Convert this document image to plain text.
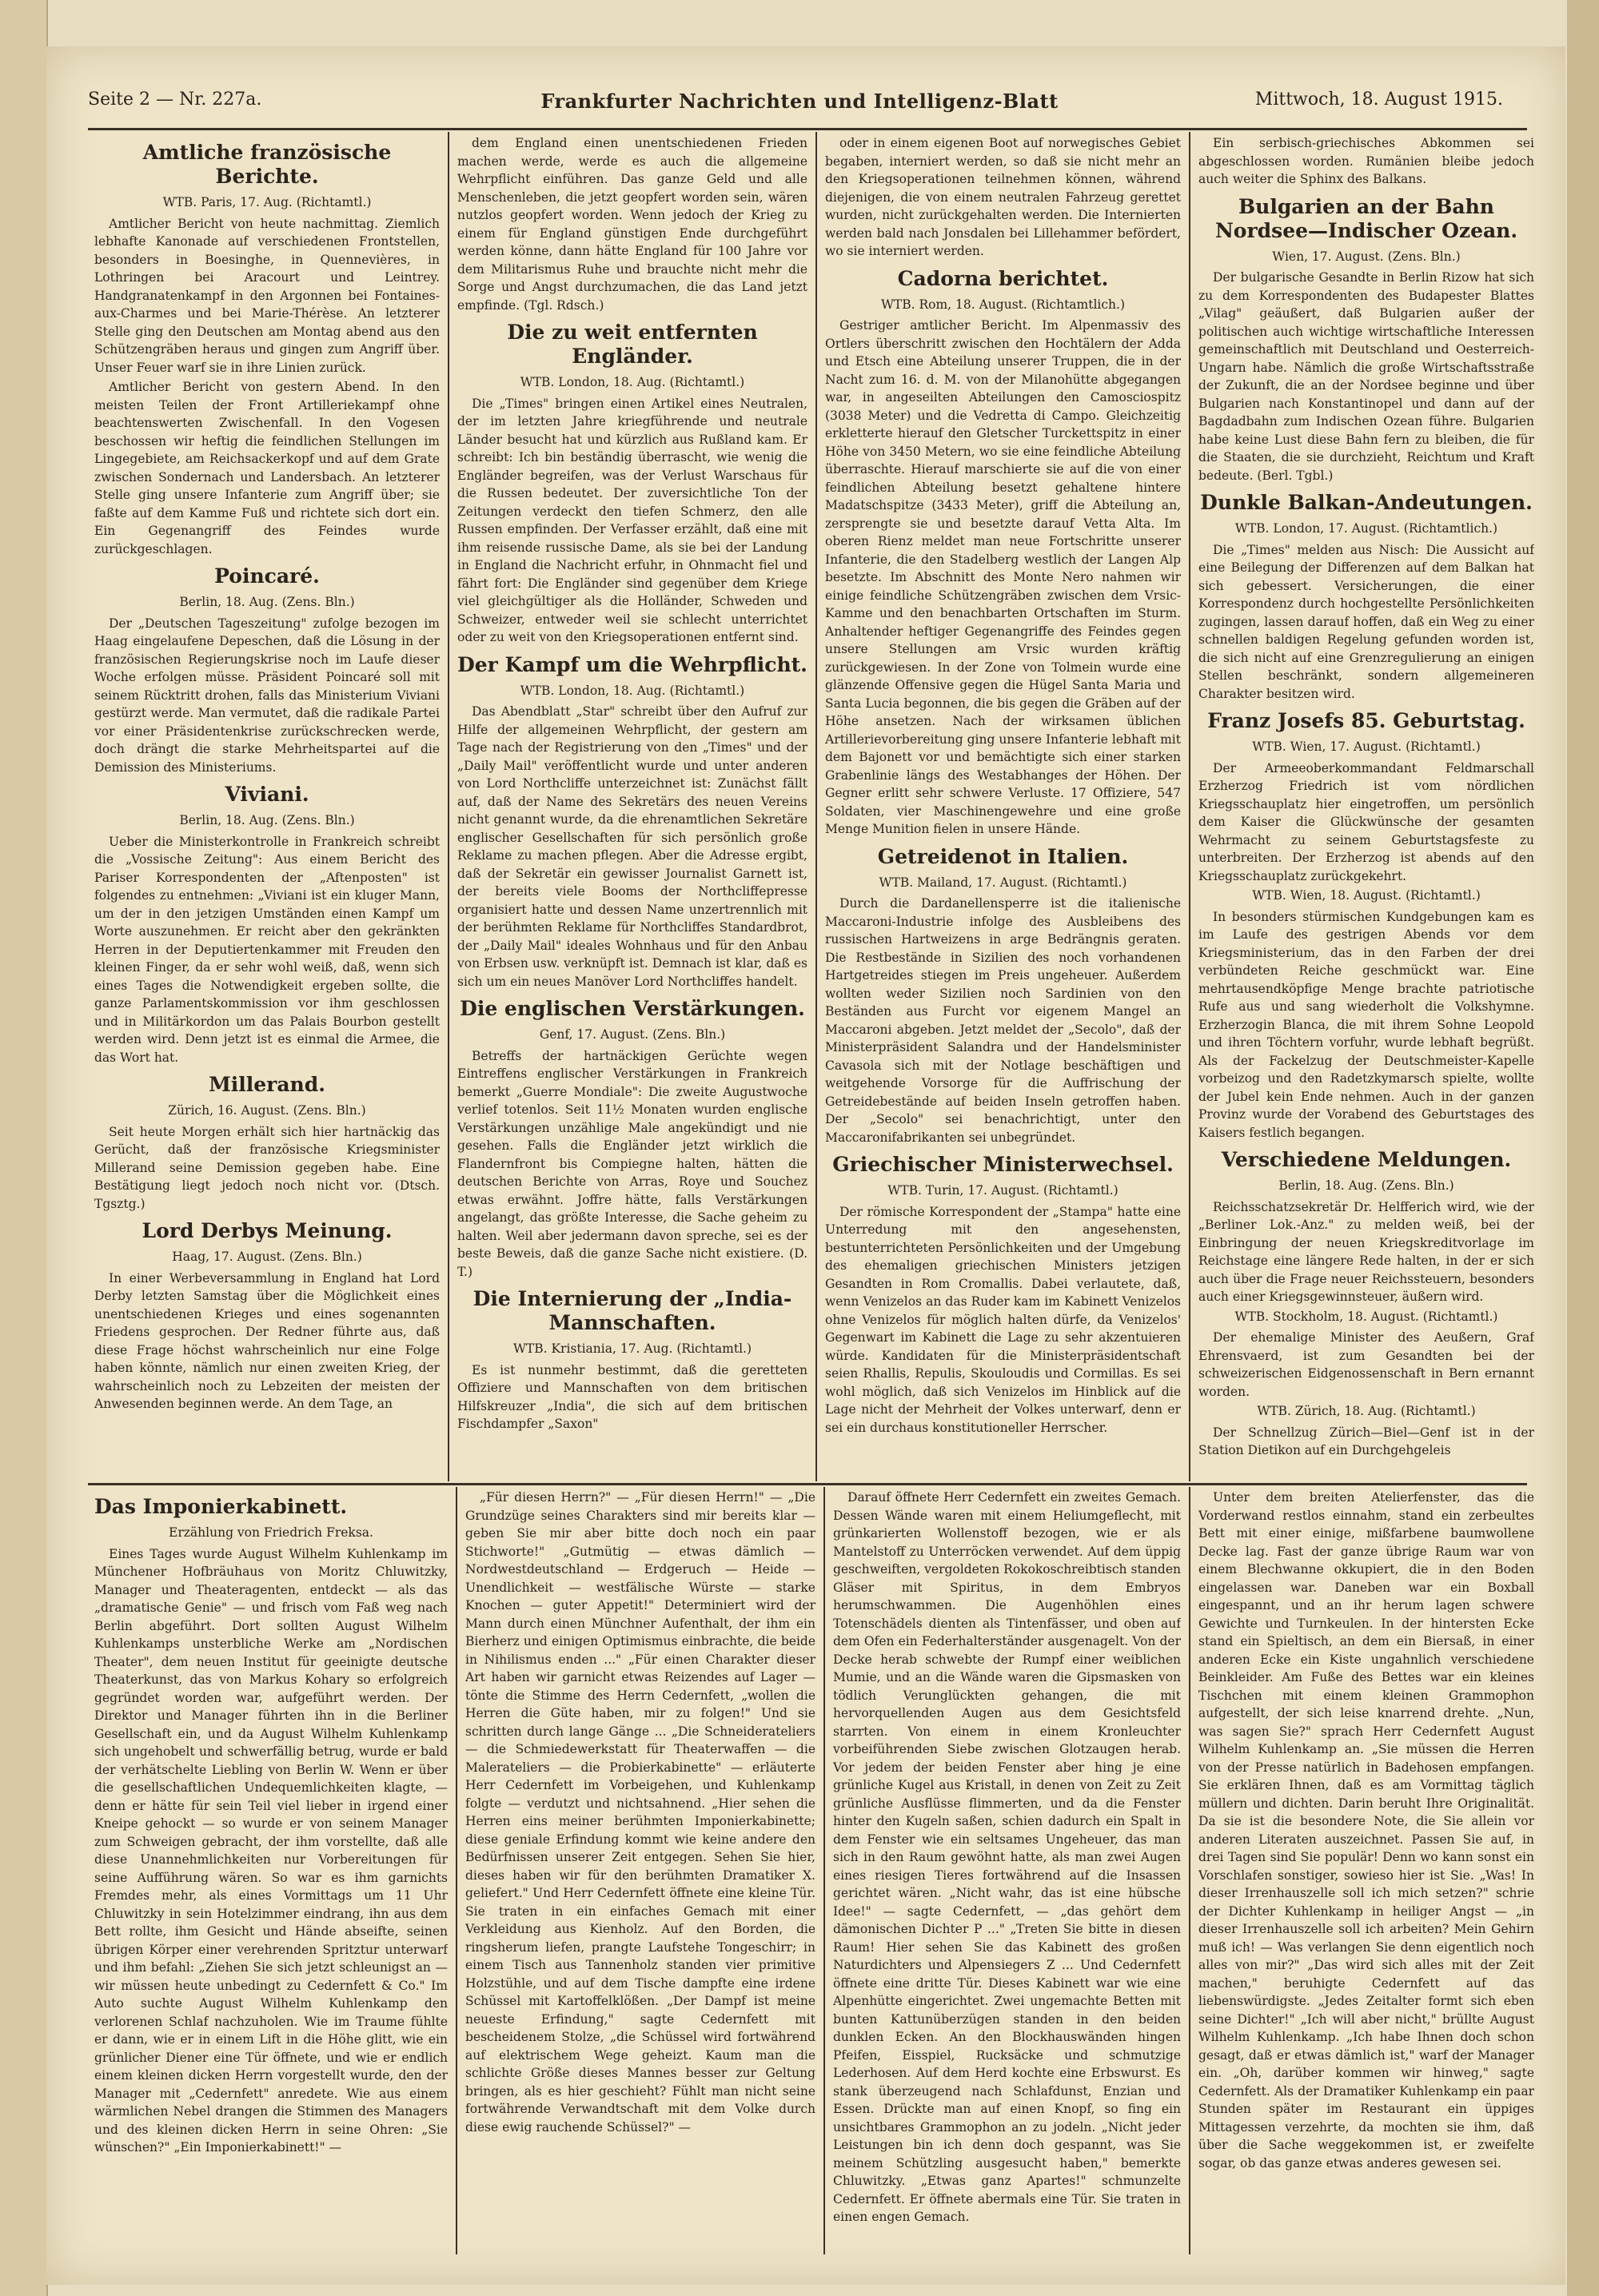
Seite 2 — Nr. 227a.	Frankfurter Nachrichten und Intelligenz-Blatt	Mittwoch, 18. August 1915.
Amtliche französische Berichte.
WTB. Paris, 17. Aug. (Richtamtl.)

Amtlicher Bericht von heute nachmittag. Ziemlich lebhafte Kanonade auf verschiedenen Frontstellen, besonders in Boesinghe, in Quennevières, in Lothringen bei Aracourt und Leintrey. Handgranatenkampf in den Argonnen bei Fontaines-aux-Charmes und bei Marie-Thérèse. An letzterer Stelle ging den Deutschen am Montag abend aus den Schützengräben heraus und gingen zum Angriff über. Unser Feuer warf sie in ihre Linien zurück.

Amtlicher Bericht von gestern Abend. In den meisten Teilen der Front Artilleriekampf ohne beachtenswerten Zwischenfall. In den Vogesen beschossen wir heftig die feindlichen Stellungen im Lingegebiete, am Reichsackerkopf und auf dem Grate zwischen Sondernach und Landersbach. An letzterer Stelle ging unsere Infanterie zum Angriff über; sie faßte auf dem Kamme Fuß und richtete sich dort ein. Ein Gegenangriff des Feindes wurde zurückgeschlagen.

Poincaré.
Berlin, 18. Aug. (Zens. Bln.)

Der „Deutschen Tageszeitung" zufolge bezogen im Haag eingelaufene Depeschen, daß die Lösung in der französischen Regierungskrise noch im Laufe dieser Woche erfolgen müsse. Präsident Poincaré soll mit seinem Rücktritt drohen, falls das Ministerium Viviani gestürzt werde. Man vermutet, daß die radikale Partei vor einer Präsidentenkrise zurückschrecken werde, doch drängt die starke Mehrheitspartei auf die Demission des Ministeriums.

Viviani.
Berlin, 18. Aug. (Zens. Bln.)

Ueber die Ministerkontrolle in Frankreich schreibt die „Vossische Zeitung": Aus einem Bericht des Pariser Korrespondenten der „Aftenposten" ist folgendes zu entnehmen: „Viviani ist ein kluger Mann, um der in den jetzigen Umständen einen Kampf um Worte auszunehmen. Er reicht aber den gekränkten Herren in der Deputiertenkammer mit Freuden den kleinen Finger, da er sehr wohl weiß, daß, wenn sich eines Tages die Notwendigkeit ergeben sollte, die ganze Parlamentskommission vor ihm geschlossen und in Militärkordon um das Palais Bourbon gestellt werden wird. Denn jetzt ist es einmal die Armee, die das Wort hat.

Millerand.
Zürich, 16. August. (Zens. Bln.)

Seit heute Morgen erhält sich hier hartnäckig das Gerücht, daß der französische Kriegsminister Millerand seine Demission gegeben habe. Eine Bestätigung liegt jedoch noch nicht vor. (Dtsch. Tgsztg.)

Lord Derbys Meinung.
Haag, 17. August. (Zens. Bln.)

In einer Werbeversammlung in England hat Lord Derby letzten Samstag über die Möglichkeit eines unentschiedenen Krieges und eines sogenannten Friedens gesprochen. Der Redner führte aus, daß diese Frage höchst wahrscheinlich nur eine Folge haben könnte, nämlich nur einen zweiten Krieg, der wahrscheinlich noch zu Lebzeiten der meisten der Anwesenden beginnen werde. An dem Tage, an

dem England einen unentschiedenen Frieden machen werde, werde es auch die allgemeine Wehrpflicht einführen. Das ganze Geld und alle Menschenleben, die jetzt geopfert worden sein, wären nutzlos geopfert worden. Wenn jedoch der Krieg zu einem für England günstigen Ende durchgeführt werden könne, dann hätte England für 100 Jahre vor dem Militarismus Ruhe und brauchte nicht mehr die Sorge und Angst durchzumachen, die das Land jetzt empfinde. (Tgl. Rdsch.)

Die zu weit entfernten Engländer.
WTB. London, 18. Aug. (Richtamtl.)

Die „Times" bringen einen Artikel eines Neutralen, der im letzten Jahre kriegführende und neutrale Länder besucht hat und kürzlich aus Rußland kam. Er schreibt: Ich bin beständig überrascht, wie wenig die Engländer begreifen, was der Verlust Warschaus für die Russen bedeutet. Der zuversichtliche Ton der Zeitungen verdeckt den tiefen Schmerz, den alle Russen empfinden. Der Verfasser erzählt, daß eine mit ihm reisende russische Dame, als sie bei der Landung in England die Nachricht erfuhr, in Ohnmacht fiel und fährt fort: Die Engländer sind gegenüber dem Kriege viel gleichgültiger als die Holländer, Schweden und Schweizer, entweder weil sie schlecht unterrichtet oder zu weit von den Kriegsoperationen entfernt sind.

Der Kampf um die Wehrpflicht.
WTB. London, 18. Aug. (Richtamtl.)

Das Abendblatt „Star" schreibt über den Aufruf zur Hilfe der allgemeinen Wehrpflicht, der gestern am Tage nach der Registrierung von den „Times" und der „Daily Mail" veröffentlicht wurde und unter anderen von Lord Northcliffe unterzeichnet ist: Zunächst fällt auf, daß der Name des Sekretärs des neuen Vereins nicht genannt wurde, da die ehrenamtlichen Sekretäre englischer Gesellschaften für sich persönlich große Reklame zu machen pflegen. Aber die Adresse ergibt, daß der Sekretär ein gewisser Journalist Garnett ist, der bereits viele Booms der Northcliffepresse organisiert hatte und dessen Name unzertrennlich mit der berühmten Reklame für Northcliffes Standardbrot, der „Daily Mail" ideales Wohnhaus und für den Anbau von Erbsen usw. verknüpft ist. Demnach ist klar, daß es sich um ein neues Manöver Lord Northcliffes handelt.

Die englischen Verstärkungen.
Genf, 17. August. (Zens. Bln.)

Betreffs der hartnäckigen Gerüchte wegen Eintreffens englischer Verstärkungen in Frankreich bemerkt „Guerre Mondiale": Die zweite Augustwoche verlief totenlos. Seit 11½ Monaten wurden englische Verstärkungen unzählige Male angekündigt und nie gesehen. Falls die Engländer jetzt wirklich die Flandernfront bis Compiegne halten, hätten die deutschen Berichte von Arras, Roye und Souchez etwas erwähnt. Joffre hätte, falls Verstärkungen angelangt, das größte Interesse, die Sache geheim zu halten. Weil aber jedermann davon spreche, sei es der beste Beweis, daß die ganze Sache nicht existiere. (D. T.)

Die Internierung der „India-Mannschaften.
WTB. Kristiania, 17. Aug. (Richtamtl.)

Es ist nunmehr bestimmt, daß die geretteten Offiziere und Mannschaften von dem britischen Hilfskreuzer „India", die sich auf dem britischen Fischdampfer „Saxon"

oder in einem eigenen Boot auf norwegisches Gebiet begaben, interniert werden, so daß sie nicht mehr an den Kriegsoperationen teilnehmen können, während diejenigen, die von einem neutralen Fahrzeug gerettet wurden, nicht zurückgehalten werden. Die Internierten werden bald nach Jonsdalen bei Lillehammer befördert, wo sie interniert werden.

Cadorna berichtet.
WTB. Rom, 18. August. (Richtamtlich.)

Gestriger amtlicher Bericht. Im Alpenmassiv des Ortlers überschritt zwischen den Hochtälern der Adda und Etsch eine Abteilung unserer Truppen, die in der Nacht zum 16. d. M. von der Milanohütte abgegangen war, in angeseilten Abteilungen den Camosciospitz (3038 Meter) und die Vedretta di Campo. Gleichzeitig erkletterte hierauf den Gletscher Turckettspitz in einer Höhe von 3450 Metern, wo sie eine feindliche Abteilung überraschte. Hierauf marschierte sie auf die von einer feindlichen Abteilung besetzt gehaltene hintere Madatschspitze (3433 Meter), griff die Abteilung an, zersprengte sie und besetzte darauf Vetta Alta. Im oberen Rienz meldet man neue Fortschritte unserer Infanterie, die den Stadelberg westlich der Langen Alp besetzte. Im Abschnitt des Monte Nero nahmen wir einige feindliche Schützengräben zwischen dem Vrsic-Kamme und den benachbarten Ortschaften im Sturm. Anhaltender heftiger Gegenangriffe des Feindes gegen unsere Stellungen am Vrsic wurden kräftig zurückgewiesen. In der Zone von Tolmein wurde eine glänzende Offensive gegen die Hügel Santa Maria und Santa Lucia begonnen, die bis gegen die Gräben auf der Höhe ansetzen. Nach der wirksamen üblichen Artillerievorbereitung ging unsere Infanterie lebhaft mit dem Bajonett vor und bemächtigte sich einer starken Grabenlinie längs des Westabhanges der Höhen. Der Gegner erlitt sehr schwere Verluste. 17 Offiziere, 547 Soldaten, vier Maschinengewehre und eine große Menge Munition fielen in unsere Hände.

Getreidenot in Italien.
WTB. Mailand, 17. August. (Richtamtl.)

Durch die Dardanellensperre ist die italienische Maccaroni-Industrie infolge des Ausbleibens des russischen Hartweizens in arge Bedrängnis geraten. Die Restbestände in Sizilien des noch vorhandenen Hartgetreides stiegen im Preis ungeheuer. Außerdem wollten weder Sizilien noch Sardinien von den Beständen aus Furcht vor eigenem Mangel an Maccaroni abgeben. Jetzt meldet der „Secolo", daß der Ministerpräsident Salandra und der Handelsminister Cavasola sich mit der Notlage beschäftigen und weitgehende Vorsorge für die Auffrischung der Getreidebestände auf beiden Inseln getroffen haben. Der „Secolo" sei benachrichtigt, unter den Maccaronifabrikanten sei unbegründet.

Griechischer Ministerwechsel.
WTB. Turin, 17. August. (Richtamtl.)

Der römische Korrespondent der „Stampa" hatte eine Unterredung mit den angesehensten, bestunterrichteten Persönlichkeiten und der Umgebung des ehemaligen griechischen Ministers jetzigen Gesandten in Rom Cromallis. Dabei verlautete, daß, wenn Venizelos an das Ruder kam im Kabinett Venizelos ohne Venizelos für möglich halten dürfe, da Venizelos' Gegenwart im Kabinett die Lage zu sehr akzentuieren würde. Kandidaten für die Ministerpräsidentschaft seien Rhallis, Repulis, Skouloudis und Cormillas. Es sei wohl möglich, daß sich Venizelos im Hinblick auf die Lage nicht der Mehrheit der Volkes unterwarf, denn er sei ein durchaus konstitutioneller Herrscher.

Ein serbisch-griechisches Abkommen sei abgeschlossen worden. Rumänien bleibe jedoch auch weiter die Sphinx des Balkans.

Bulgarien an der Bahn Nordsee—Indischer Ozean.
Wien, 17. August. (Zens. Bln.)

Der bulgarische Gesandte in Berlin Rizow hat sich zu dem Korrespondenten des Budapester Blattes „Vilag" geäußert, daß Bulgarien außer der politischen auch wichtige wirtschaftliche Interessen gemeinschaftlich mit Deutschland und Oesterreich-Ungarn habe. Nämlich die große Wirtschaftsstraße der Zukunft, die an der Nordsee beginne und über Bulgarien nach Konstantinopel und dann auf der Bagdadbahn zum Indischen Ozean führe. Bulgarien habe keine Lust diese Bahn fern zu bleiben, die für die Staaten, die sie durchzieht, Reichtum und Kraft bedeute. (Berl. Tgbl.)

Dunkle Balkan-Andeutungen.
WTB. London, 17. August. (Richtamtlich.)

Die „Times" melden aus Nisch: Die Aussicht auf eine Beilegung der Differenzen auf dem Balkan hat sich gebessert. Versicherungen, die einer Korrespondenz durch hochgestellte Persönlichkeiten zugingen, lassen darauf hoffen, daß ein Weg zu einer schnellen baldigen Regelung gefunden worden ist, die sich nicht auf eine Grenzregulierung an einigen Stellen beschränkt, sondern allgemeineren Charakter besitzen wird.

Franz Josefs 85. Geburtstag.
WTB. Wien, 17. August. (Richtamtl.)

Der Armeeoberkommandant Feldmarschall Erzherzog Friedrich ist vom nördlichen Kriegsschauplatz hier eingetroffen, um persönlich dem Kaiser die Glückwünsche der gesamten Wehrmacht zu seinem Geburtstagsfeste zu unterbreiten. Der Erzherzog ist abends auf den Kriegsschauplatz zurückgekehrt.

WTB. Wien, 18. August. (Richtamtl.)

In besonders stürmischen Kundgebungen kam es im Laufe des gestrigen Abends vor dem Kriegsministerium, das in den Farben der drei verbündeten Reiche geschmückt war. Eine mehrtausendköpfige Menge brachte patriotische Rufe aus und sang wiederholt die Volkshymne. Erzherzogin Blanca, die mit ihrem Sohne Leopold und ihren Töchtern vorfuhr, wurde lebhaft begrüßt. Als der Fackelzug der Deutschmeister-Kapelle vorbeizog und den Radetzkymarsch spielte, wollte der Jubel kein Ende nehmen. Auch in der ganzen Provinz wurde der Vorabend des Geburtstages des Kaisers festlich begangen.

Verschiedene Meldungen.
Berlin, 18. Aug. (Zens. Bln.)

Reichsschatzsekretär Dr. Helfferich wird, wie der „Berliner Lok.-Anz." zu melden weiß, bei der Einbringung der neuen Kriegskreditvorlage im Reichstage eine längere Rede halten, in der er sich auch über die Frage neuer Reichssteuern, besonders auch einer Kriegsgewinnsteuer, äußern wird.

WTB. Stockholm, 18. August. (Richtamtl.)

Der ehemalige Minister des Aeußern, Graf Ehrensvaerd, ist zum Gesandten bei der schweizerischen Eidgenossenschaft in Bern ernannt worden.

WTB. Zürich, 18. Aug. (Richtamtl.)

Der Schnellzug Zürich—Biel—Genf ist in der Station Dietikon auf ein Durchgehgeleis

Das Imponierkabinett.
Erzählung von Friedrich Freksa.

Eines Tages wurde August Wilhelm Kuhlenkamp im Münchener Hofbräuhaus von Moritz Chluwitzky, Manager und Theateragenten, entdeckt — als das „dramatische Genie" — und frisch vom Faß weg nach Berlin abgeführt. Dort sollten August Wilhelm Kuhlenkamps unsterbliche Werke am „Nordischen Theater", dem neuen Institut für geeinigte deutsche Theaterkunst, das von Markus Kohary so erfolgreich gegründet worden war, aufgeführt werden. Der Direktor und Manager führten ihn in die Berliner Gesellschaft ein, und da August Wilhelm Kuhlenkamp sich ungehobelt und schwerfällig betrug, wurde er bald der verhätschelte Liebling von Berlin W. Wenn er über die gesellschaftlichen Undequemlichkeiten klagte, — denn er hätte für sein Teil viel lieber in irgend einer Kneipe gehockt — so wurde er von seinem Manager zum Schweigen gebracht, der ihm vorstellte, daß alle diese Unannehmlichkeiten nur Vorbereitungen für seine Aufführung wären. So war es ihm garnichts Fremdes mehr, als eines Vormittags um 11 Uhr Chluwitzky in sein Hotelzimmer eindrang, ihn aus dem Bett rollte, ihm Gesicht und Hände abseifte, seinen übrigen Körper einer verehrenden Spritztur unterwarf und ihm befahl: „Ziehen Sie sich jetzt schleunigst an — wir müssen heute unbedingt zu Cedernfett & Co." Im Auto suchte August Wilhelm Kuhlenkamp den verlorenen Schlaf nachzuholen. Wie im Traume fühlte er dann, wie er in einem Lift in die Höhe glitt, wie ein grünlicher Diener eine Tür öffnete, und wie er endlich einem kleinen dicken Herrn vorgestellt wurde, den der Manager mit „Cedernfett" anredete. Wie aus einem wärmlichen Nebel drangen die Stimmen des Managers und des kleinen dicken Herrn in seine Ohren: „Sie wünschen?" „Ein Imponierkabinett!" —

„Für diesen Herrn?" — „Für diesen Herrn!" — „Die Grundzüge seines Charakters sind mir bereits klar — geben Sie mir aber bitte doch noch ein paar Stichworte!" „Gutmütig — etwas dämlich — Nordwestdeutschland — Erdgeruch — Heide — Unendlichkeit — westfälische Würste — starke Knochen — guter Appetit!" Determiniert wird der Mann durch einen Münchner Aufenthalt, der ihm ein Bierherz und einigen Optimismus einbrachte, die beide in Nihilismus enden ..." „Für einen Charakter dieser Art haben wir garnicht etwas Reizendes auf Lager — tönte die Stimme des Herrn Cedernfett, „wollen die Herren die Güte haben, mir zu folgen!" Und sie schritten durch lange Gänge ... „Die Schneiderateliers — die Schmiedewerkstatt für Theaterwaffen — die Malerateliers — die Probierkabinette" — erläuterte Herr Cedernfett im Vorbeigehen, und Kuhlenkamp folgte — verdutzt und nichtsahnend. „Hier sehen die Herren eins meiner berühmten Imponierkabinette; diese geniale Erfindung kommt wie keine andere den Bedürfnissen unserer Zeit entgegen. Sehen Sie hier, dieses haben wir für den berühmten Dramatiker X. geliefert." Und Herr Cedernfett öffnete eine kleine Tür. Sie traten in ein einfaches Gemach mit einer Verkleidung aus Kienholz. Auf den Borden, die ringsherum liefen, prangte Laufstehe Tongeschirr; in einem Tisch aus Tannenholz standen vier primitive Holzstühle, und auf dem Tische dampfte eine irdene Schüssel mit Kartoffelklößen. „Der Dampf ist meine neueste Erfindung," sagte Cedernfett mit bescheidenem Stolze, „die Schüssel wird fortwährend auf elektrischem Wege geheizt. Kaum man die schlichte Größe dieses Mannes besser zur Geltung bringen, als es hier geschieht? Fühlt man nicht seine fortwährende Verwandtschaft mit dem Volke durch diese ewig rauchende Schüssel?" —

Darauf öffnete Herr Cedernfett ein zweites Gemach. Dessen Wände waren mit einem Heliumgeflecht, mit grünkarierten Wollenstoff bezogen, wie er als Mantelstoff zu Unterröcken verwendet. Auf dem üppig geschweiften, vergoldeten Rokokoschreibtisch standen Gläser mit Spiritus, in dem Embryos herumschwammen. Die Augenhöhlen eines Totenschädels dienten als Tintenfässer, und oben auf dem Ofen ein Federhalterständer ausgenagelt. Von der Decke herab schwebte der Rumpf einer weiblichen Mumie, und an die Wände waren die Gipsmasken von tödlich Verunglückten gehangen, die mit hervorquellenden Augen aus dem Gesichtsfeld starrten. Von einem in einem Kronleuchter vorbeiführenden Siebe zwischen Glotzaugen herab. Vor jedem der beiden Fenster aber hing je eine grünliche Kugel aus Kristall, in denen von Zeit zu Zeit grünliche Ausflüsse flimmerten, und da die Fenster hinter den Kugeln saßen, schien dadurch ein Spalt in dem Fenster wie ein seltsames Ungeheuer, das man sich in den Raum gewöhnt hatte, als man zwei Augen eines riesigen Tieres fortwährend auf die Insassen gerichtet wären. „Nicht wahr, das ist eine hübsche Idee!" — sagte Cedernfett, — „das gehört dem dämonischen Dichter P ..." „Treten Sie bitte in diesen Raum! Hier sehen Sie das Kabinett des großen Naturdichters und Alpensiegers Z ... Und Cedernfett öffnete eine dritte Tür. Dieses Kabinett war wie eine Alpenhütte eingerichtet. Zwei ungemachte Betten mit bunten Kattunüberzügen standen in den beiden dunklen Ecken. An den Blockhauswänden hingen Pfeifen, Eisspiel, Rucksäcke und schmutzige Lederhosen. Auf dem Herd kochte eine Erbswurst. Es stank überzeugend nach Schlafdunst, Enzian und Essen. Drückte man auf einen Knopf, so fing ein unsichtbares Grammophon an zu jodeln. „Nicht jeder Leistungen bin ich denn doch gespannt, was Sie meinem Schützling ausgesucht haben," bemerkte Chluwitzky. „Etwas ganz Apartes!" schmunzelte Cedernfett. Er öffnete abermals eine Tür. Sie traten in einen engen Gemach.

Unter dem breiten Atelierfenster, das die Vorderwand restlos einnahm, stand ein zerbeultes Bett mit einer einige, mißfarbene baumwollene Decke lag. Fast der ganze übrige Raum war von einem Blechwanne okkupiert, die in den Boden eingelassen war. Daneben war ein Boxball eingespannt, und an ihr herum lagen schwere Gewichte und Turnkeulen. In der hintersten Ecke stand ein Spieltisch, an dem ein Biersaß, in einer anderen Ecke ein Kiste ungahnlich verschiedene Beinkleider. Am Fuße des Bettes war ein kleines Tischchen mit einem kleinen Grammophon aufgestellt, der sich leise knarrend drehte. „Nun, was sagen Sie?" sprach Herr Cedernfett August Wilhelm Kuhlenkamp an. „Sie müssen die Herren von der Presse natürlich in Badehosen empfangen. Sie erklären Ihnen, daß es am Vormittag täglich müllern und dichten. Darin beruht Ihre Originalität. Da sie ist die besondere Note, die Sie allein vor anderen Literaten auszeichnet. Passen Sie auf, in drei Tagen sind Sie populär! Denn wo kann sonst ein Vorschlafen sonstiger, sowieso hier ist Sie. „Was! In dieser Irrenhauszelle soll ich mich setzen?" schrie der Dichter Kuhlenkamp in heiliger Angst — „in dieser Irrenhauszelle soll ich arbeiten? Mein Gehirn muß ich! — Was verlangen Sie denn eigentlich noch alles von mir?" „Das wird sich alles mit der Zeit machen," beruhigte Cedernfett auf das liebenswürdigste. „Jedes Zeitalter formt sich eben seine Dichter!" „Ich will aber nicht," brüllte August Wilhelm Kuhlenkamp. „Ich habe Ihnen doch schon gesagt, daß er etwas dämlich ist," warf der Manager ein. „Oh, darüber kommen wir hinweg," sagte Cedernfett. Als der Dramatiker Kuhlenkamp ein paar Stunden später im Restaurant ein üppiges Mittagessen verzehrte, da mochten sie ihm, daß über die Sache weggekommen ist, er zweifelte sogar, ob das ganze etwas anderes gewesen sei.
